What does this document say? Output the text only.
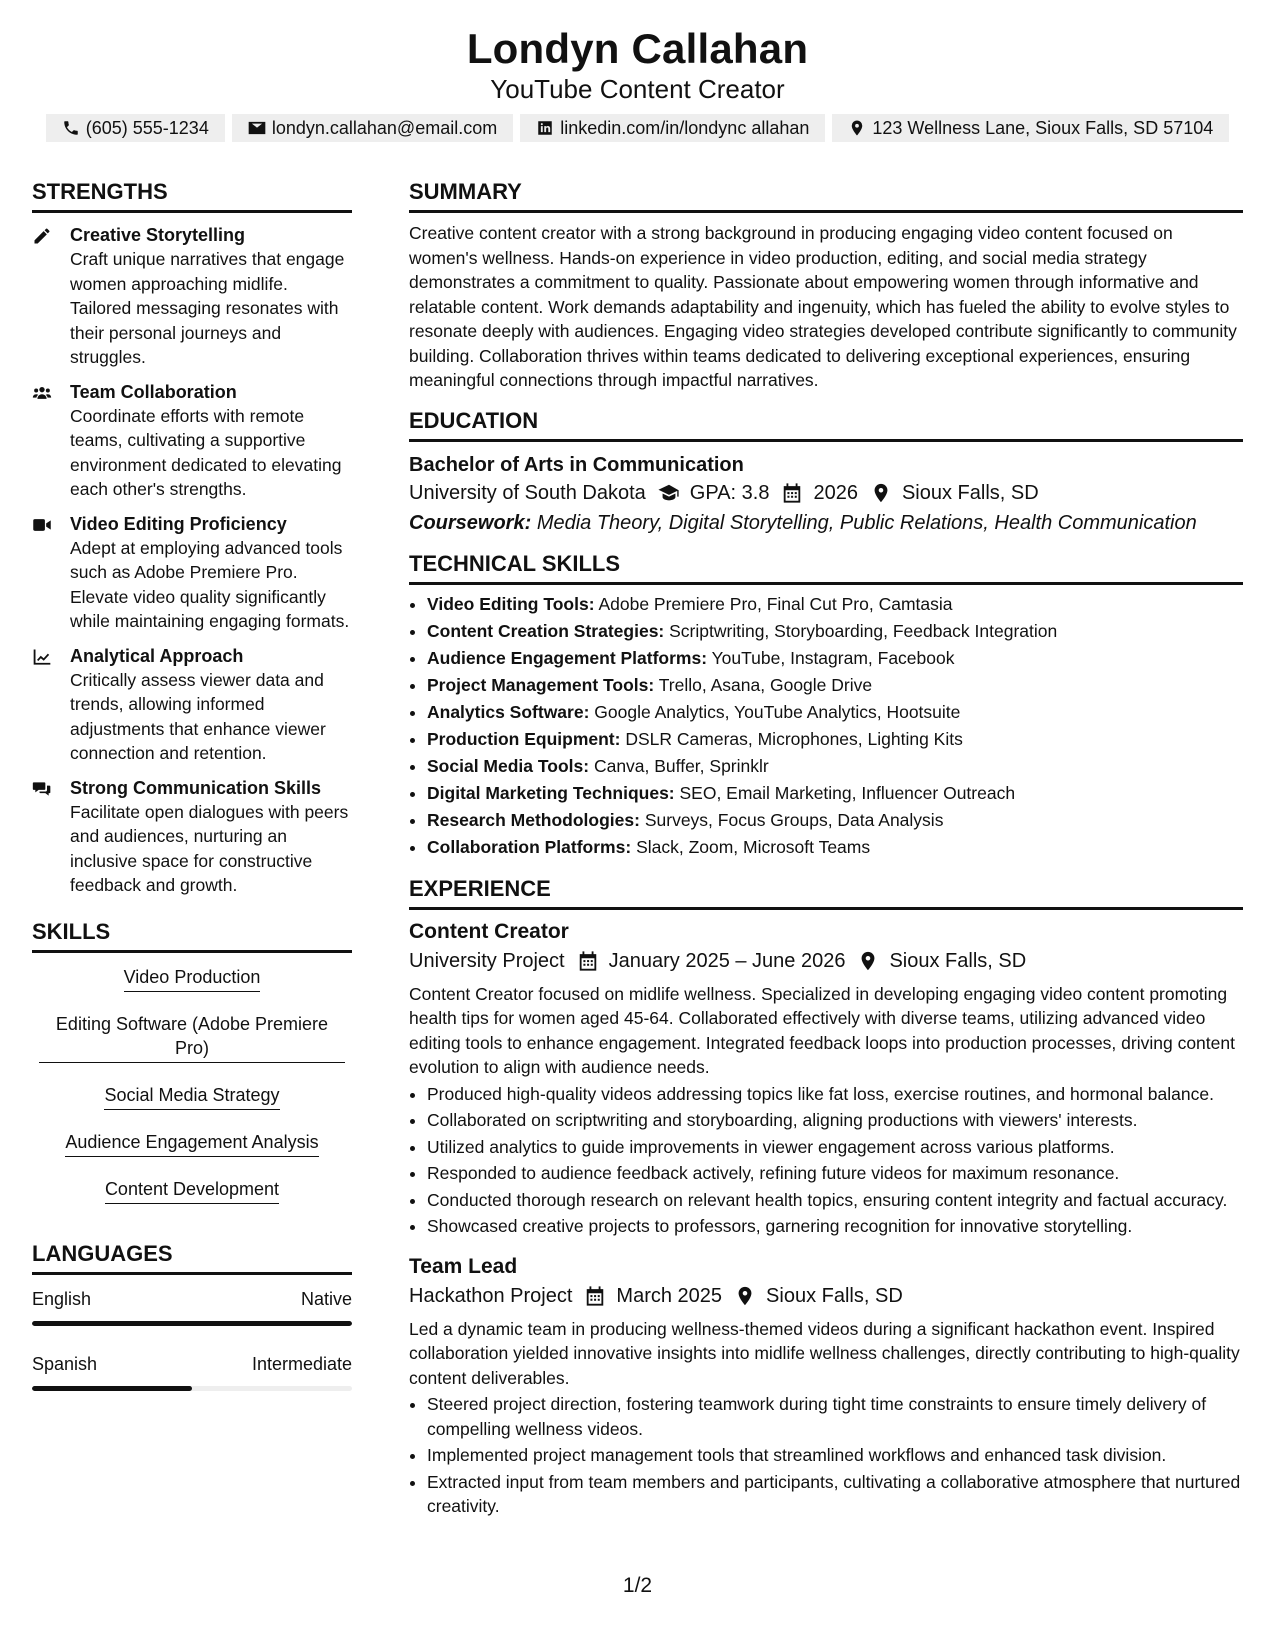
Londyn Callahan
YouTube Content Creator
(605) 555-1234	londyn.callahan@email.com	linkedin.com/in/londync allahan	123 Wellness Lane, Sioux Falls, SD 57104
STRENGTHS
Creative Storytelling
Craft unique narratives that engage women approaching midlife. Tailored messaging resonates with their personal journeys and struggles.
Team Collaboration
Coordinate efforts with remote teams, cultivating a supportive environment dedicated to elevating each other's strengths.
Video Editing Proficiency
Adept at employing advanced tools such as Adobe Premiere Pro. Elevate video quality significantly while maintaining engaging formats.
Analytical Approach
Critically assess viewer data and trends, allowing informed adjustments that enhance viewer connection and retention.
Strong Communication Skills
Facilitate open dialogues with peers and audiences, nurturing an inclusive space for constructive feedback and growth.
SKILLS
Video Production
Editing Software (Adobe Premiere Pro)
Social Media Strategy
Audience Engagement Analysis
Content Development
LANGUAGES
English	Native
Spanish	Intermediate
SUMMARY
Creative content creator with a strong background in producing engaging video content focused on women's wellness. Hands-on experience in video production, editing, and social media strategy demonstrates a commitment to quality. Passionate about empowering women through informative and relatable content. Work demands adaptability and ingenuity, which has fueled the ability to evolve styles to resonate deeply with audiences. Engaging video strategies developed contribute significantly to community building. Collaboration thrives within teams dedicated to delivering exceptional experiences, ensuring meaningful connections through impactful narratives.
EDUCATION
Bachelor of Arts in Communication
University of South Dakota GPA: 3.8 2026 Sioux Falls, SD
Coursework: Media Theory, Digital Storytelling, Public Relations, Health Communication
TECHNICAL SKILLS
• Video Editing Tools: Adobe Premiere Pro, Final Cut Pro, Camtasia
• Content Creation Strategies: Scriptwriting, Storyboarding, Feedback Integration
• Audience Engagement Platforms: YouTube, Instagram, Facebook
• Project Management Tools: Trello, Asana, Google Drive
• Analytics Software: Google Analytics, YouTube Analytics, Hootsuite
• Production Equipment: DSLR Cameras, Microphones, Lighting Kits
• Social Media Tools: Canva, Buffer, Sprinklr
• Digital Marketing Techniques: SEO, Email Marketing, Influencer Outreach
• Research Methodologies: Surveys, Focus Groups, Data Analysis
• Collaboration Platforms: Slack, Zoom, Microsoft Teams
EXPERIENCE
Content Creator
University Project January 2025 – June 2026 Sioux Falls, SD
Content Creator focused on midlife wellness. Specialized in developing engaging video content promoting health tips for women aged 45-64. Collaborated effectively with diverse teams, utilizing advanced video editing tools to enhance engagement. Integrated feedback loops into production processes, driving content evolution to align with audience needs.
• Produced high-quality videos addressing topics like fat loss, exercise routines, and hormonal balance.
• Collaborated on scriptwriting and storyboarding, aligning productions with viewers' interests.
• Utilized analytics to guide improvements in viewer engagement across various platforms.
• Responded to audience feedback actively, refining future videos for maximum resonance.
• Conducted thorough research on relevant health topics, ensuring content integrity and factual accuracy.
• Showcased creative projects to professors, garnering recognition for innovative storytelling.
Team Lead
Hackathon Project March 2025 Sioux Falls, SD
Led a dynamic team in producing wellness-themed videos during a significant hackathon event. Inspired collaboration yielded innovative insights into midlife wellness challenges, directly contributing to high-quality content deliverables.
• Steered project direction, fostering teamwork during tight time constraints to ensure timely delivery of compelling wellness videos.
• Implemented project management tools that streamlined workflows and enhanced task division.
• Extracted input from team members and participants, cultivating a collaborative atmosphere that nurtured creativity.
1/2
